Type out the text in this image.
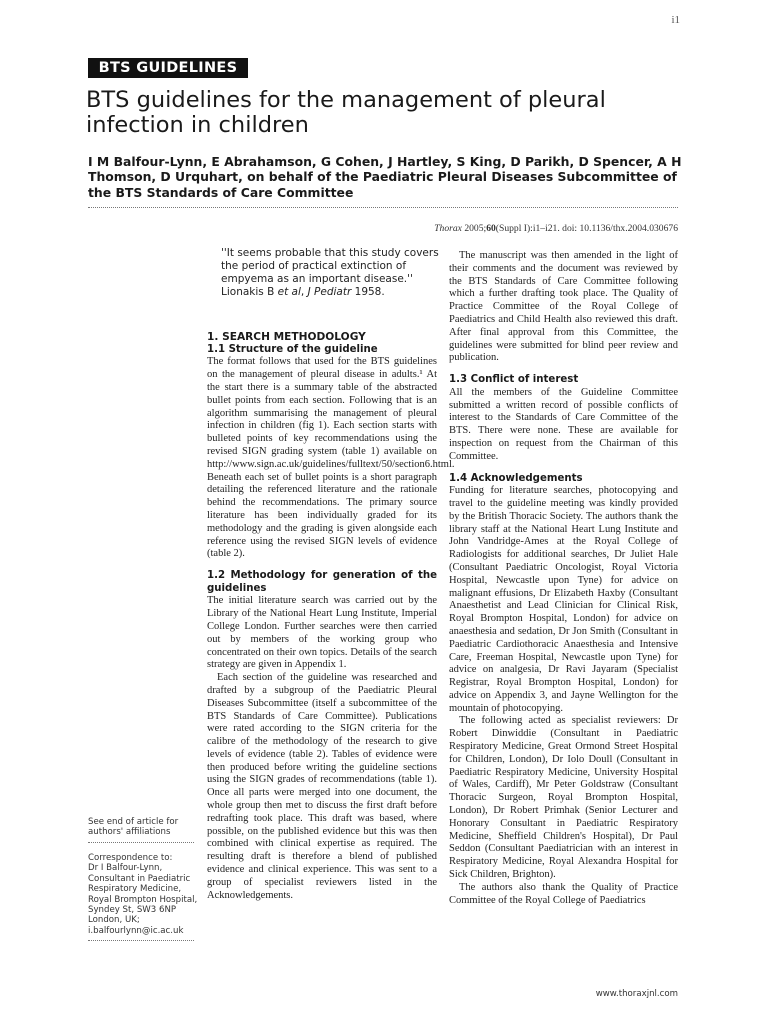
i1
BTS GUIDELINES
BTS guidelines for the management of pleural infection in children
I M Balfour-Lynn, E Abrahamson, G Cohen, J Hartley, S King, D Parikh, D Spencer, A H Thomson, D Urquhart, on behalf of the Paediatric Pleural Diseases Subcommittee of the BTS Standards of Care Committee
Thorax 2005;60(Suppl I):i1–i21. doi: 10.1136/thx.2004.030676
''It seems probable that this study covers the period of practical extinction of empyema as an important disease.'' Lionakis B et al, J Pediatr 1958.
See end of article for authors' affiliations
Correspondence to:
Dr I Balfour-Lynn,
Consultant in Paediatric
Respiratory Medicine,
Royal Brompton Hospital,
Syndey St, SW3 6NP
London, UK;
i.balfourlynn@ic.ac.uk
1. SEARCH METHODOLOGY
1.1 Structure of the guideline

The format follows that used for the BTS guidelines on the management of pleural disease in adults.¹ At the start there is a summary table of the abstracted bullet points from each section. Following that is an algorithm summarising the management of pleural infection in children (fig 1). Each section starts with bulleted points of key recommendations using the revised SIGN grading system (table 1) available on http://www.sign.ac.uk/guidelines/fulltext/50/section6.html. Beneath each set of bullet points is a short paragraph detailing the referenced literature and the rationale behind the recommendations. The primary source literature has been individually graded for its methodology and the grading is given alongside each reference using the revised SIGN levels of evidence (table 2).

1.2 Methodology for generation of the guidelines

The initial literature search was carried out by the Library of the National Heart Lung Institute, Imperial College London. Further searches were then carried out by members of the working group who concentrated on their own topics. Details of the search strategy are given in Appendix 1.

Each section of the guideline was researched and drafted by a subgroup of the Paediatric Pleural Diseases Subcommittee (itself a subcommittee of the BTS Standards of Care Committee). Publications were rated according to the SIGN criteria for the calibre of the methodology of the research to give levels of evidence (table 2). Tables of evidence were then produced before writing the guideline sections using the SIGN grades of recommendations (table 1). Once all parts were merged into one document, the whole group then met to discuss the first draft before redrafting took place. This draft was based, where possible, on the published evidence but this was then combined with clinical expertise as required. The resulting draft is therefore a blend of published evidence and clinical experience. This was sent to a group of specialist reviewers listed in the Acknowledgements.

The manuscript was then amended in the light of their comments and the document was reviewed by the BTS Standards of Care Committee following which a further drafting took place. The Quality of Practice Committee of the Royal College of Paediatrics and Child Health also reviewed this draft. After final approval from this Committee, the guidelines were submitted for blind peer review and publication.

1.3 Conflict of interest

All the members of the Guideline Committee submitted a written record of possible conflicts of interest to the Standards of Care Committee of the BTS. There were none. These are available for inspection on request from the Chairman of this Committee.

1.4 Acknowledgements

Funding for literature searches, photocopying and travel to the guideline meeting was kindly provided by the British Thoracic Society. The authors thank the library staff at the National Heart Lung Institute and John Vandridge-Ames at the Royal College of Radiologists for additional searches, Dr Juliet Hale (Consultant Paediatric Oncologist, Royal Victoria Hospital, Newcastle upon Tyne) for advice on malignant effusions, Dr Elizabeth Haxby (Consultant Anaesthetist and Lead Clinician for Clinical Risk, Royal Brompton Hospital, London) for advice on anaesthesia and sedation, Dr Jon Smith (Consultant in Paediatric Cardiothoracic Anaesthesia and Intensive Care, Freeman Hospital, Newcastle upon Tyne) for advice on analgesia, Dr Ravi Jayaram (Specialist Registrar, Royal Brompton Hospital, London) for advice on Appendix 3, and Jayne Wellington for the mountain of photocopying.

The following acted as specialist reviewers: Dr Robert Dinwiddie (Consultant in Paediatric Respiratory Medicine, Great Ormond Street Hospital for Children, London), Dr Iolo Doull (Consultant in Paediatric Respiratory Medicine, University Hospital of Wales, Cardiff), Mr Peter Goldstraw (Consultant Thoracic Surgeon, Royal Brompton Hospital, London), Dr Robert Primhak (Senior Lecturer and Honorary Consultant in Paediatric Respiratory Medicine, Sheffield Children's Hospital), Dr Paul Seddon (Consultant Paediatrician with an interest in Respiratory Medicine, Royal Alexandra Hospital for Sick Children, Brighton).

The authors also thank the Quality of Practice Committee of the Royal College of Paediatrics

www.thoraxjnl.com
